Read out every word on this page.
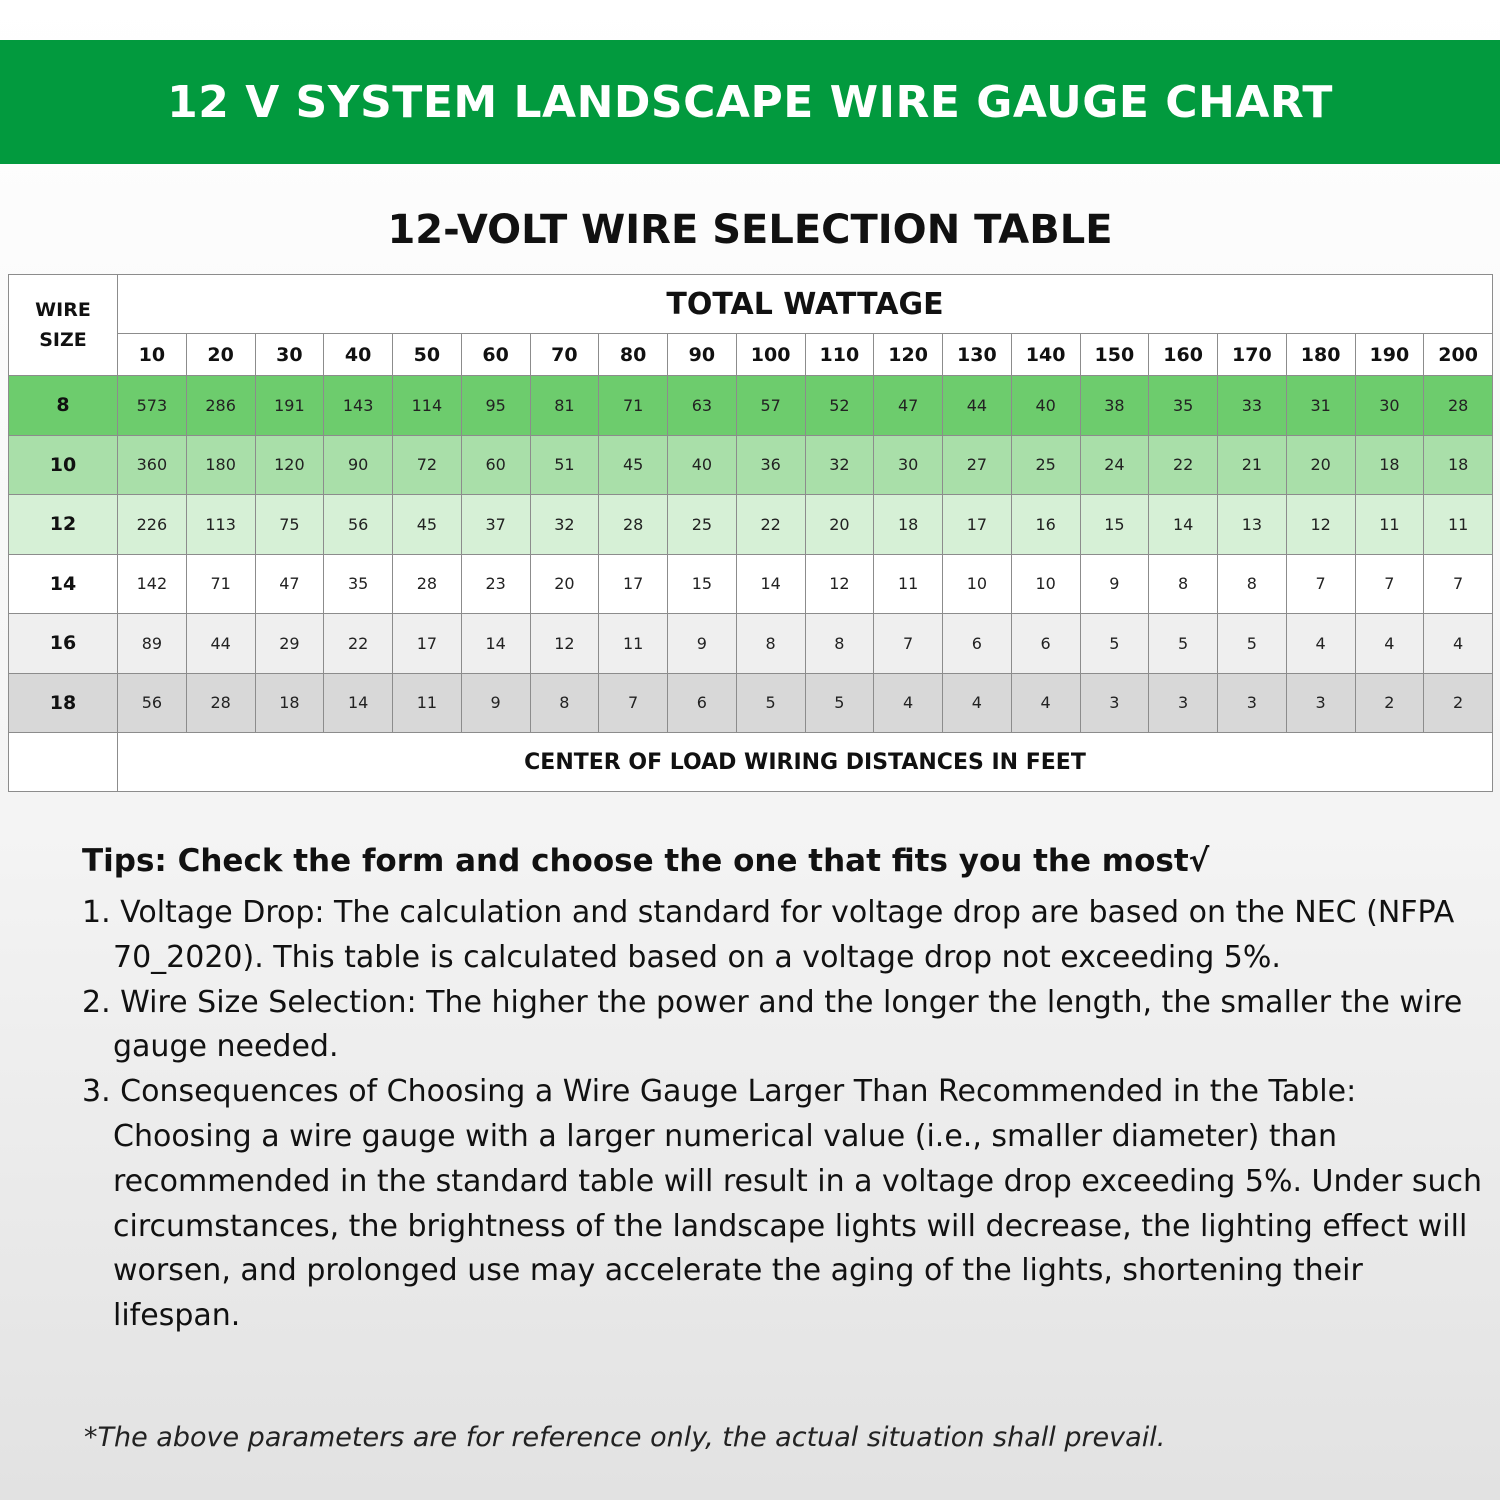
12 V SYSTEM LANDSCAPE WIRE GAUGE CHART
12-VOLT WIRE SELECTION TABLE
WIRE
SIZE	TOTAL WATTAGE																			
	10	20	30	40	50	60	70	80	90	100	110	120	130	140	150	160	170	180	190	200
8	573	286	191	143	114	95	81	71	63	57	52	47	44	40	38	35	33	31	30	28
10	360	180	120	90	72	60	51	45	40	36	32	30	27	25	24	22	21	20	18	18
12	226	113	75	56	45	37	32	28	25	22	20	18	17	16	15	14	13	12	11	11
14	142	71	47	35	28	23	20	17	15	14	12	11	10	10	9	8	8	7	7	7
16	89	44	29	22	17	14	12	11	9	8	8	7	6	6	5	5	5	4	4	4
18	56	28	18	14	11	9	8	7	6	5	5	4	4	4	3	3	3	3	2	2
	CENTER OF LOAD WIRING DISTANCES IN FEET																			
Tips: Check the form and choose the one that fits you the most√
1. Voltage Drop: The calculation and standard for voltage drop are based on the NEC (NFPA 70_2020). This table is calculated based on a voltage drop not exceeding 5%.
2. Wire Size Selection: The higher the power and the longer the length, the smaller the wire gauge needed.
3. Consequences of Choosing a Wire Gauge Larger Than Recommended in the Table: Choosing a wire gauge with a larger numerical value (i.e., smaller diameter) than recommended in the standard table will result in a voltage drop exceeding 5%. Under such circumstances, the brightness of the landscape lights will decrease, the lighting effect will worsen, and prolonged use may accelerate the aging of the lights, shortening their lifespan.
*The above parameters are for reference only, the actual situation shall prevail.
